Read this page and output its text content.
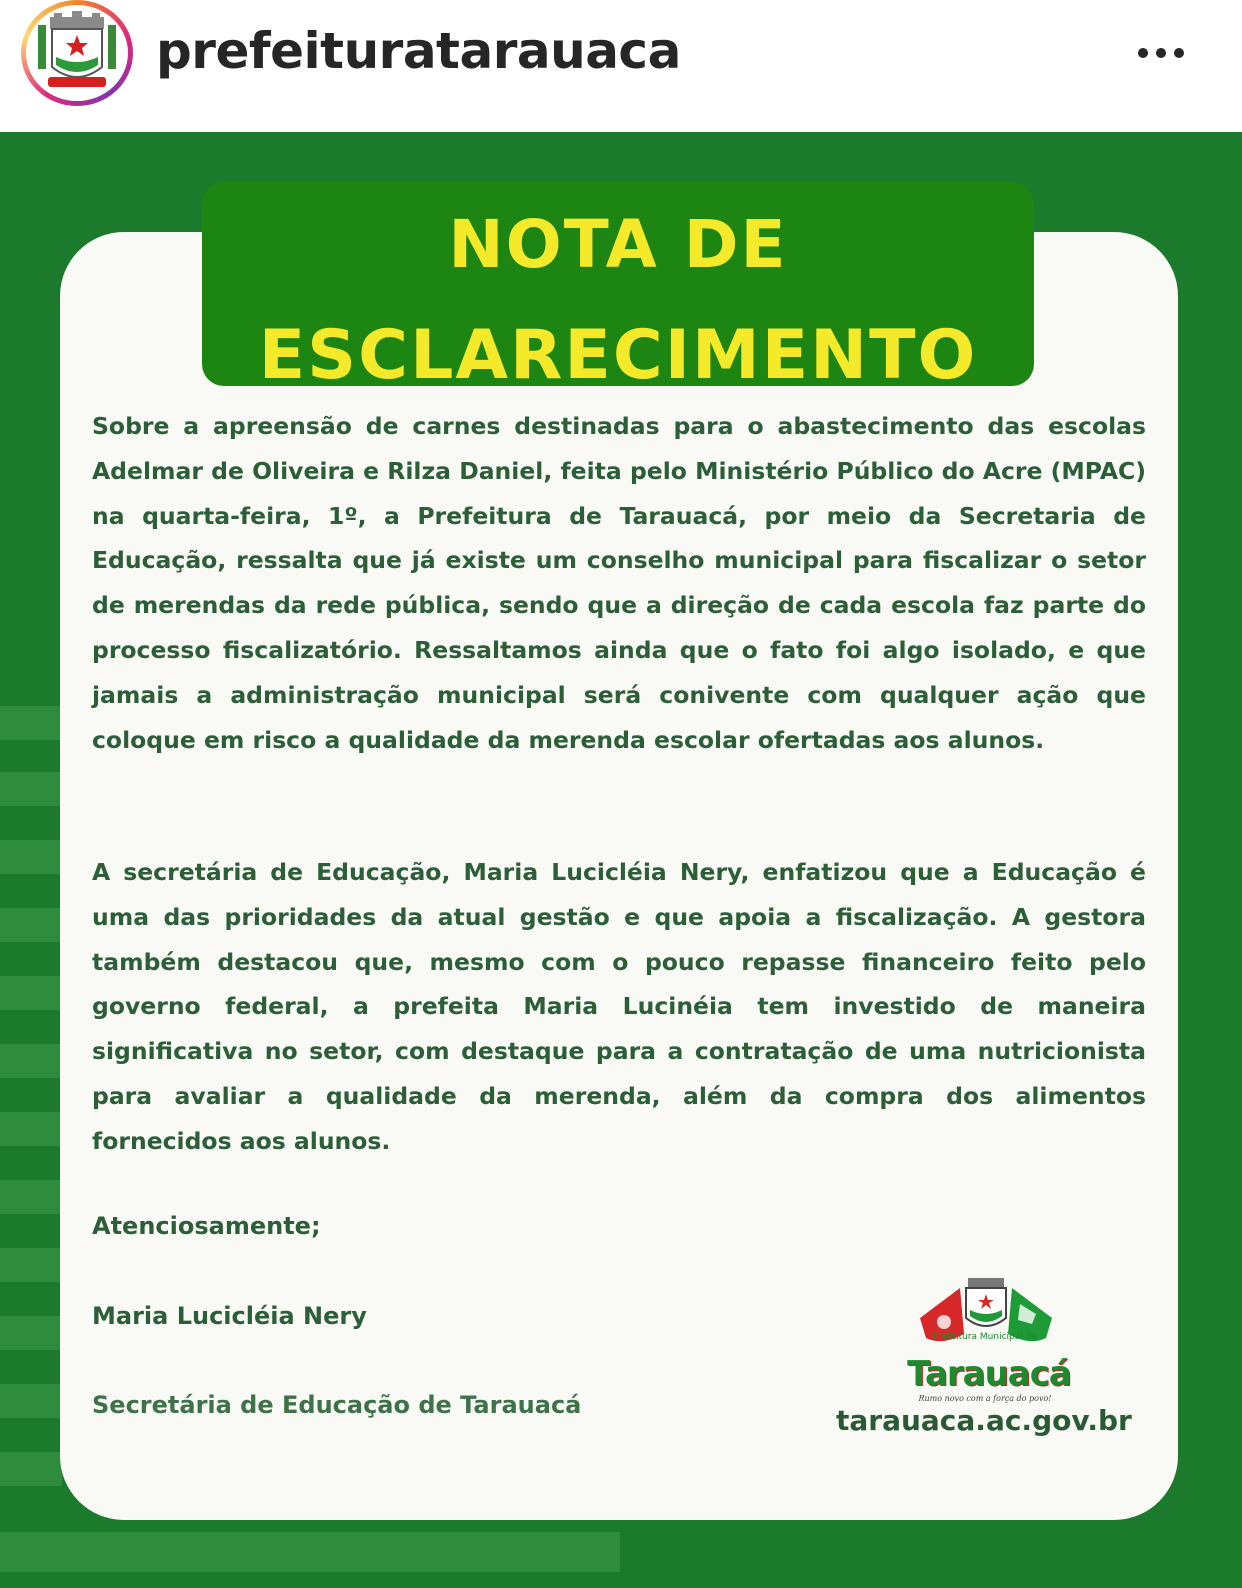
prefeituratarauaca
NOTA DE
ESCLARECIMENTO

Sobre a apreensão de carnes destinadas para o abastecimento das escolas Adelmar de Oliveira e Rilza Daniel, feita pelo Ministério Público do Acre (MPAC) na quarta-feira, 1º, a Prefeitura de Tarauacá, por meio da Secretaria de Educação, ressalta que já existe um conselho municipal para fiscalizar o setor de merendas da rede pública, sendo que a direção de cada escola faz parte do processo fiscalizatório. Ressaltamos ainda que o fato foi algo isolado, e que jamais a administração municipal será conivente com qualquer ação que coloque em risco a qualidade da merenda escolar ofertadas aos alunos.

A secretária de Educação, Maria Lucicléia Nery, enfatizou que a Educação é uma das prioridades da atual gestão e que apoia a fiscalização. A gestora também destacou que, mesmo com o pouco repasse financeiro feito pelo governo federal, a prefeita Maria Lucinéia tem investido de maneira significativa no setor, com destaque para a contratação de uma nutricionista para avaliar a qualidade da merenda, além da compra dos alimentos fornecidos aos alunos.

Atenciosamente;

Maria Lucicléia Nery

Secretária de Educação de Tarauacá

Prefeitura Municipal de
Tarauacá
Rumo novo com a força do povo!
tarauaca.ac.gov.br
